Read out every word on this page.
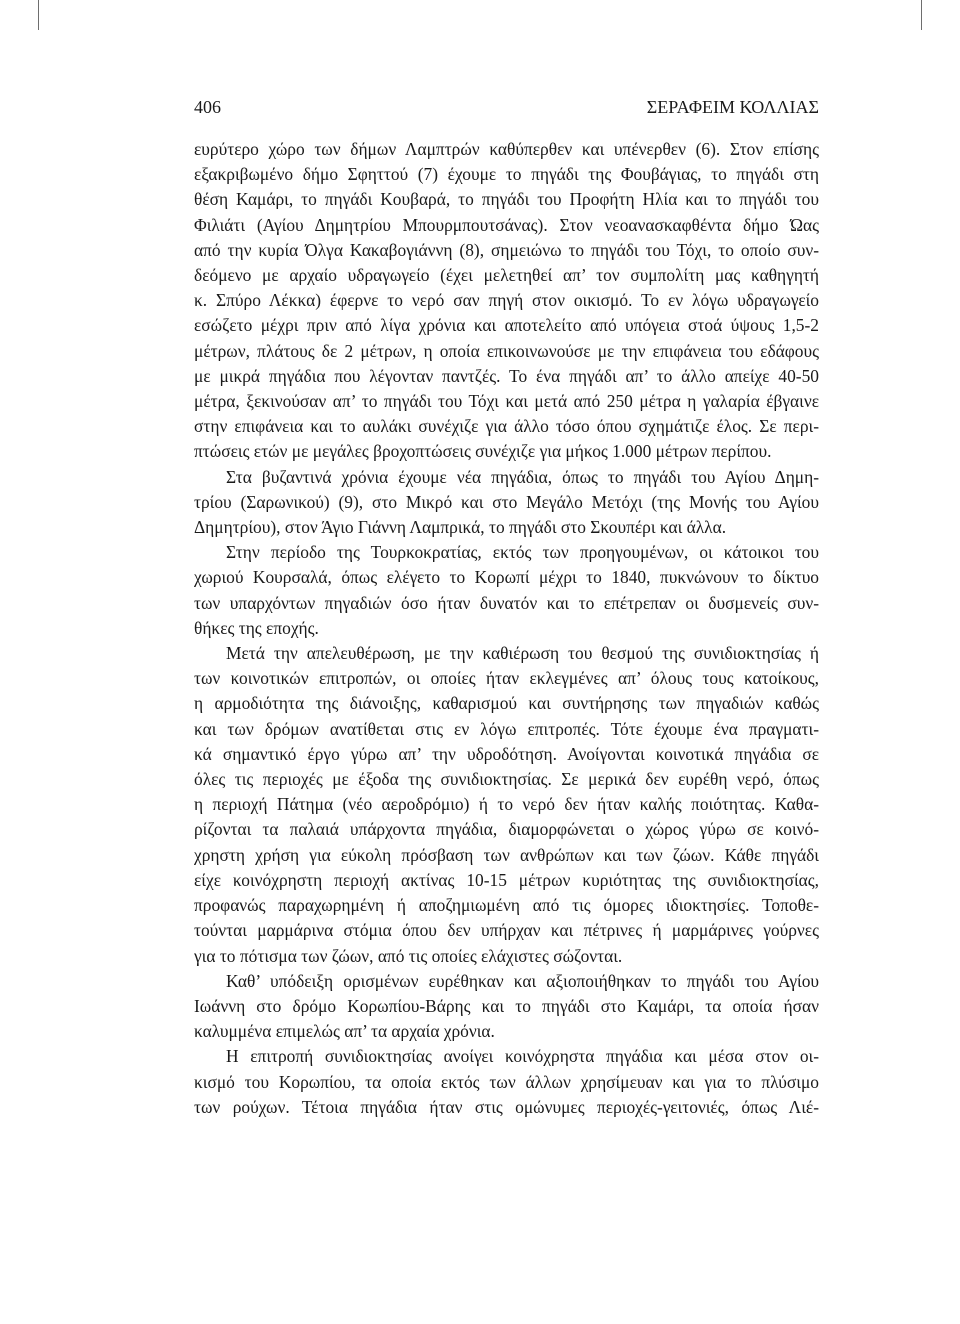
406	ΣΕΡΑΦΕΙΜ ΚΟΛΛΙΑΣ

ευρύτερο χώρο των δήμων Λαμπτρών καθύπερθεν και υπένερθεν (6). Στον επίσης

εξακριβωμένο δήμο Σφηττού (7) έχουμε το πηγάδι της Φουβάγιας, το πηγάδι στη

θέση Καμάρι, το πηγάδι Κουβαρά, το πηγάδι του Προφήτη Ηλία και το πηγάδι του

Φιλιάτι (Αγίου Δημητρίου Μπουρμπουτσάνας). Στον νεοανασκαφθέντα δήμο Ώας

από την κυρία Όλγα Κακαβογιάννη (8), σημειώνω το πηγάδι του Τόχι, το οποίο συν-

δεόμενο με αρχαίο υδραγωγείο (έχει μελετηθεί απ’ τον συμπολίτη μας καθηγητή

κ. Σπύρο Λέκκα) έφερνε το νερό σαν πηγή στον οικισμό. Το εν λόγω υδραγωγείο

εσώζετο μέχρι πριν από λίγα χρόνια και αποτελείτο από υπόγεια στοά ύψους 1,5-2

μέτρων, πλάτους δε 2 μέτρων, η οποία επικοινωνούσε με την επιφάνεια του εδάφους

με μικρά πηγάδια που λέγονταν παντζές. Το ένα πηγάδι απ’ το άλλο απείχε 40-50

μέτρα, ξεκινούσαν απ’ το πηγάδι του Τόχι και μετά από 250 μέτρα η γαλαρία έβγαινε

στην επιφάνεια και το αυλάκι συνέχιζε για άλλο τόσο όπου σχημάτιζε έλος. Σε περι-

πτώσεις ετών με μεγάλες βροχοπτώσεις συνέχιζε για μήκος 1.000 μέτρων περίπου.

Στα βυζαντινά χρόνια έχουμε νέα πηγάδια, όπως το πηγάδι του Αγίου Δημη-

τρίου (Σαρωνικού) (9), στο Μικρό και στο Μεγάλο Μετόχι (της Μονής του Αγίου

Δημητρίου), στον Άγιο Γιάννη Λαμπρικά, το πηγάδι στο Σκουπέρι και άλλα.

Στην περίοδο της Τουρκοκρατίας, εκτός των προηγουμένων, οι κάτοικοι του

χωριού Κουρσαλά, όπως ελέγετο το Κορωπί μέχρι το 1840, πυκνώνουν το δίκτυο

των υπαρχόντων πηγαδιών όσο ήταν δυνατόν και το επέτρεπαν οι δυσμενείς συν-

θήκες της εποχής.

Μετά την απελευθέρωση, με την καθιέρωση του θεσμού της συνιδιοκτησίας ή

των κοινοτικών επιτροπών, οι οποίες ήταν εκλεγμένες απ’ όλους τους κατοίκους,

η αρμοδιότητα της διάνοιξης, καθαρισμού και συντήρησης των πηγαδιών καθώς

και των δρόμων ανατίθεται στις εν λόγω επιτροπές. Τότε έχουμε ένα πραγματι-

κά σημαντικό έργο γύρω απ’ την υδροδότηση. Ανοίγονται κοινοτικά πηγάδια σε

όλες τις περιοχές με έξοδα της συνιδιοκτησίας. Σε μερικά δεν ευρέθη νερό, όπως

η περιοχή Πάτημα (νέο αεροδρόμιο) ή το νερό δεν ήταν καλής ποιότητας. Καθα-

ρίζονται τα παλαιά υπάρχοντα πηγάδια, διαμορφώνεται ο χώρος γύρω σε κοινό-

χρηστη χρήση για εύκολη πρόσβαση των ανθρώπων και των ζώων. Κάθε πηγάδι

είχε κοινόχρηστη περιοχή ακτίνας 10-15 μέτρων κυριότητας της συνιδιοκτησίας,

προφανώς παραχωρημένη ή αποζημιωμένη από τις όμορες ιδιοκτησίες. Τοποθε-

τούνται μαρμάρινα στόμια όπου δεν υπήρχαν και πέτρινες ή μαρμάρινες γούρνες

για το πότισμα των ζώων, από τις οποίες ελάχιστες σώζονται.

Καθ’ υπόδειξη ορισμένων ευρέθηκαν και αξιοποιήθηκαν το πηγάδι του Αγίου

Ιωάννη στο δρόμο Κορωπίου-Βάρης και το πηγάδι στο Καμάρι, τα οποία ήσαν

καλυμμένα επιμελώς απ’ τα αρχαία χρόνια.

Η επιτροπή συνιδιοκτησίας ανοίγει κοινόχρηστα πηγάδια και μέσα στον οι-

κισμό του Κορωπίου, τα οποία εκτός των άλλων χρησίμευαν και για το πλύσιμο

των ρούχων. Τέτοια πηγάδια ήταν στις ομώνυμες περιοχές-γειτονιές, όπως Λιέ-
